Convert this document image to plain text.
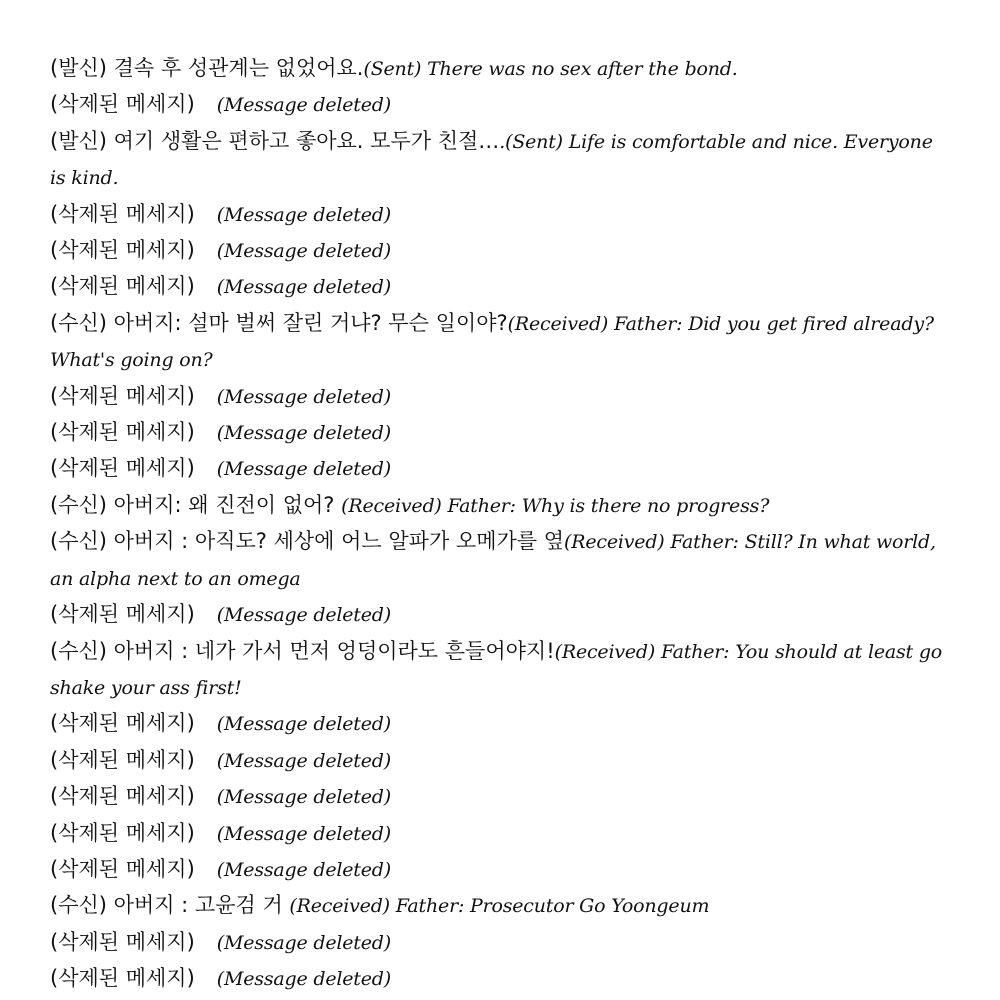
(발신) 결속 후 성관계는 없었어요.(Sent) There was no sex after the bond.

(삭제된 메세지) (Message deleted)

(발신) 여기 생활은 편하고 좋아요. 모두가 친절….(Sent) Life is comfortable and nice. Everyone is kind.

(삭제된 메세지) (Message deleted)

(삭제된 메세지) (Message deleted)

(삭제된 메세지) (Message deleted)

(수신) 아버지: 설마 벌써 잘린 거냐? 무슨 일이야?(Received) Father: Did you get fired already? What's going on?

(삭제된 메세지) (Message deleted)

(삭제된 메세지) (Message deleted)

(삭제된 메세지) (Message deleted)

(수신) 아버지: 왜 진전이 없어? (Received) Father: Why is there no progress?

(수신) 아버지 : 아직도? 세상에 어느 알파가 오메가를 옆(Received) Father: Still? In what world, an alpha next to an omega

(삭제된 메세지) (Message deleted)

(수신) 아버지 : 네가 가서 먼저 엉덩이라도 흔들어야지!(Received) Father: You should at least go shake your ass first!

(삭제된 메세지) (Message deleted)

(삭제된 메세지) (Message deleted)

(삭제된 메세지) (Message deleted)

(삭제된 메세지) (Message deleted)

(삭제된 메세지) (Message deleted)

(수신) 아버지 : 고윤검 거 (Received) Father: Prosecutor Go Yoongeum

(삭제된 메세지) (Message deleted)

(삭제된 메세지) (Message deleted)
